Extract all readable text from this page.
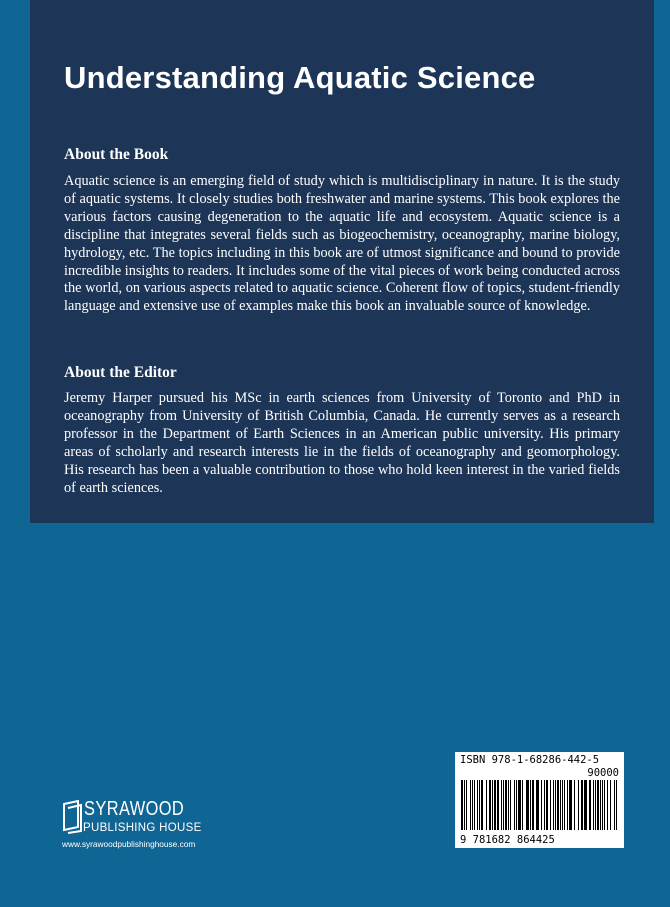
Understanding Aquatic Science
About the Book

Aquatic science is an emerging field of study which is multidisciplinary in nature. It is the study of aquatic systems. It closely studies both freshwater and marine systems. This book explores the various factors causing degeneration to the aquatic life and ecosystem. Aquatic science is a discipline that integrates several fields such as biogeochemistry, oceanography, marine biology, hydrology, etc. The topics including in this book are of utmost significance and bound to provide incredible insights to readers. It includes some of the vital pieces of work being conducted across the world, on various aspects related to aquatic science. Coherent flow of topics, student-friendly language and extensive use of examples make this book an invaluable source of knowledge.

About the Editor

Jeremy Harper pursued his MSc in earth sciences from University of Toronto and PhD in oceanography from University of British Columbia, Canada. He currently serves as a research professor in the Department of Earth Sciences in an American public university. His primary areas of scholarly and research interests lie in the fields of oceanography and geomorphology. His research has been a valuable contribution to those who hold keen interest in the varied fields of earth sciences.

SYRAWOOD
PUBLISHING HOUSE
www.syrawoodpublishinghouse.com
ISBN 978-1-68286-442-5
90000
9 781682 864425
